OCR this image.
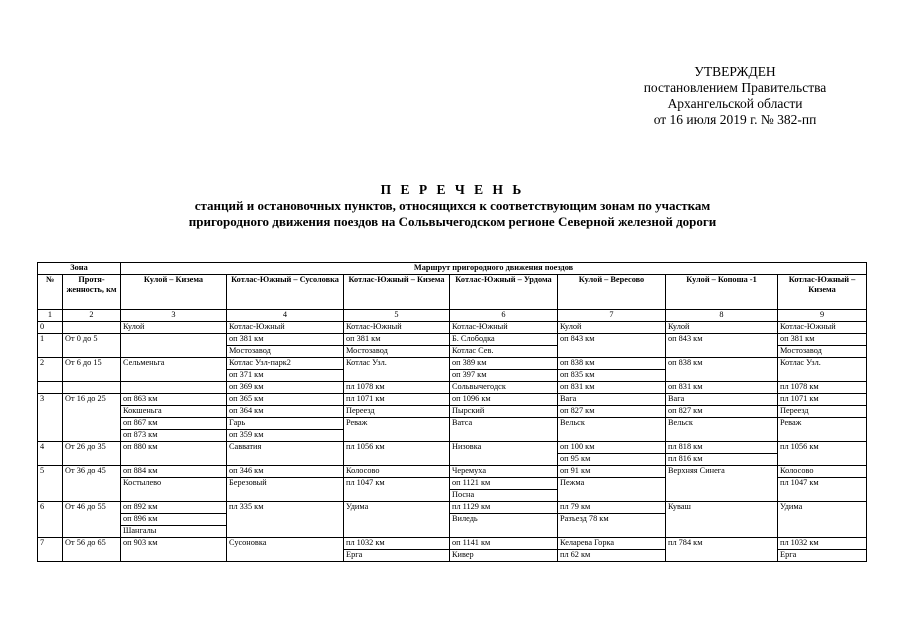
УТВЕРЖДЕН
постановлением Правительства
Архангельской области
от 16 июля 2019 г. № 382-пп
П Е Р Е Ч Е Н Ь
станций и остановочных пунктов, относящихся к соответствующим зонам по участкам
пригородного движения поездов на Сольвычегодском регионе Северной железной дороги
Зона		Маршрут пригородного движения поездов						
№	Протя-женность, км	Кулой – Кизема	Котлас-Южный – Сусоловка	Котлас-Южный – Кизема	Котлас-Южный – Урдома	Кулой – Вересово	Кулой – Копоша -1	Котлас-Южный – Кизема
1	2	3	4	5	6	7	8	9
0		Кулой	Котлас-Южный	Котлас-Южный	Котлас-Южный	Кулой	Кулой	Котлас-Южный
1	От 0 до 5		оп 381 км	оп 381 км	Б. Слободка	оп 843 км	оп 843 км	оп 381 км
			Мостозавод	Мостозавод	Котлас Сев.			Мостозавод
2	От 6 до 15	Сельменьга	Котлас Узл-парк2	Котлас Узл.	оп 389 км	оп 838 км	оп 838 км	Котлас Узл.
			оп 371 км		оп 397 км	оп 835 км		
			оп 369 км	пл 1078 км	Сольвычегодск	оп 831 км	оп 831 км	пл 1078 км
3	От 16 до 25	оп 863 км	оп 365 км	пл 1071 км	оп 1096 км	Вага	Вага	пл 1071 км
		Кокшеньга	оп 364 км	Переезд	Пырский	оп 827 км	оп 827 км	Переезд
		оп 867 км	Гарь	Реваж	Ватса	Вельск	Вельск	Реваж
		оп 873 км	оп 359 км					
4	От 26 до 35	оп 880 км	Савватия	пл 1056 км	Низовка	оп 100 км	пл 818 км	пл 1056 км
						оп 95 км	пл 816 км	
5	От 36 до 45	оп 884 км	оп 346 км	Колосово	Черемуха	оп 91 км	Верхняя Синега	Колосово
		Костылево	Березовый	пл 1047 км	оп 1121 км	Пежма		пл 1047 км
					Посна			
6	От 46 до 55	оп 892 км	пл 335 км	Удима	пл 1129 км	пл 79 км	Куваш	Удима
		оп 896 км			Виледь	Разъезд 78 км		
		Шангалы						
7	От 56 до 65	оп 903 км	Сусоновка	пл 1032 км	оп 1141 км	Келарева Горка	пл 784 км	пл 1032 км
				Ерга	Кивер	пл 62 км		Ерга
